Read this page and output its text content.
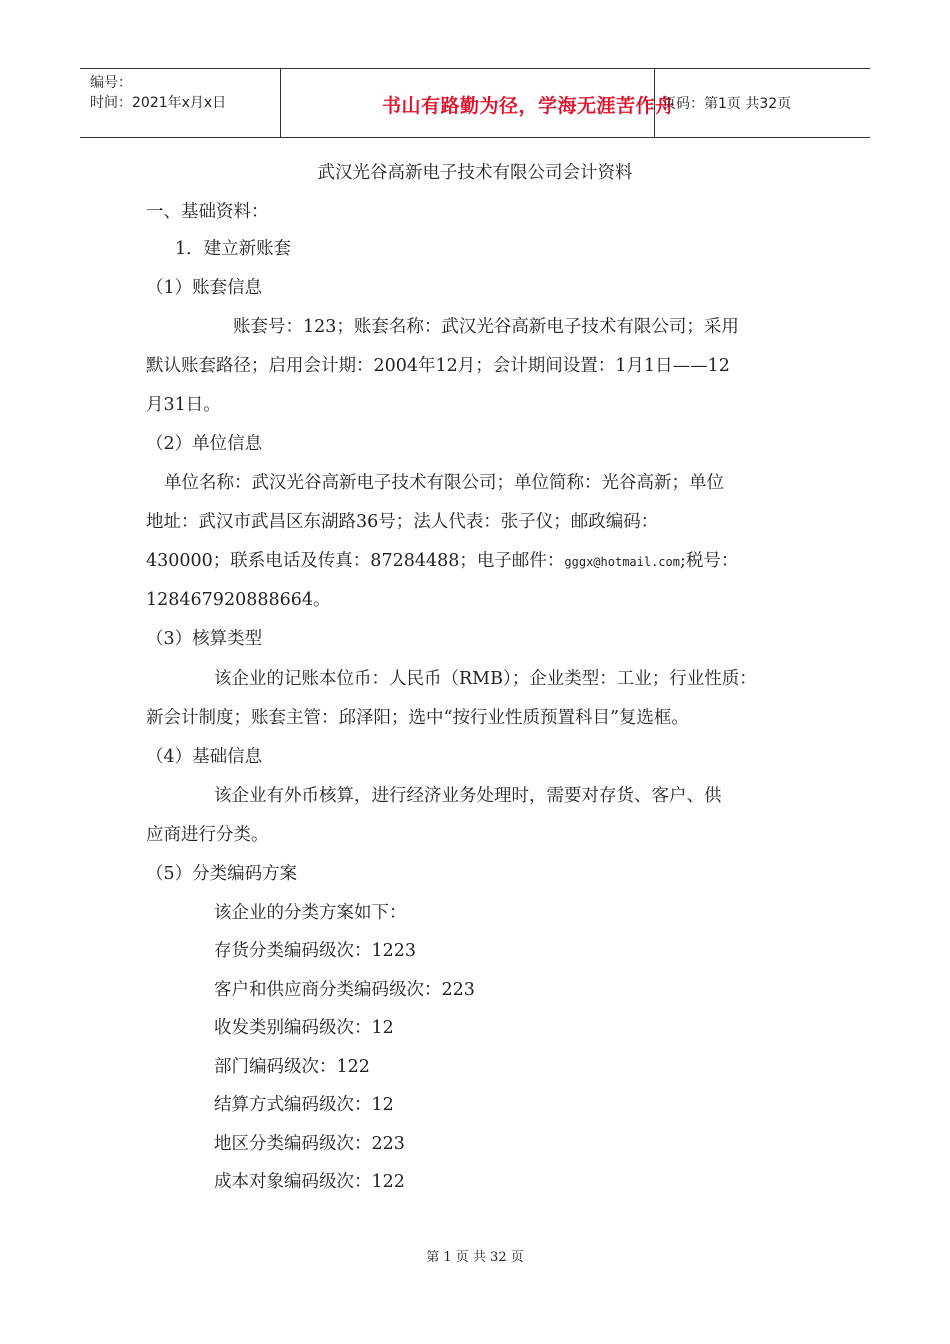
编号：
时间：2021年x月x日	书山有路勤为径，学海无涯苦作舟
页码：第1页 共32页
武汉光谷高新电子技术有限公司会计资料
一、基础资料：
1．建立新账套
（1）账套信息
账套号：123；账套名称：武汉光谷高新电子技术有限公司；采用
默认账套路径；启用会计期：2004年12月；会计期间设置：1月1日——12
月31日。
（2）单位信息
单位名称：武汉光谷高新电子技术有限公司；单位简称：光谷高新；单位
地址：武汉市武昌区东湖路36号；法人代表：张子仪；邮政编码：
430000；联系电话及传真：87284488；电子邮件：gggx@hotmail.com;税号：
128467920888664。
（3）核算类型
该企业的记账本位币：人民币（RMB）；企业类型：工业；行业性质：
新会计制度；账套主管：邱泽阳；选中“按行业性质预置科目”复选框。
（4）基础信息
该企业有外币核算，进行经济业务处理时，需要对存货、客户、供
应商进行分类。
（5）分类编码方案
该企业的分类方案如下：
存货分类编码级次：1223
客户和供应商分类编码级次：223
收发类别编码级次：12
部门编码级次：122
结算方式编码级次：12
地区分类编码级次：223
成本对象编码级次：122
第 1 页 共 32 页
